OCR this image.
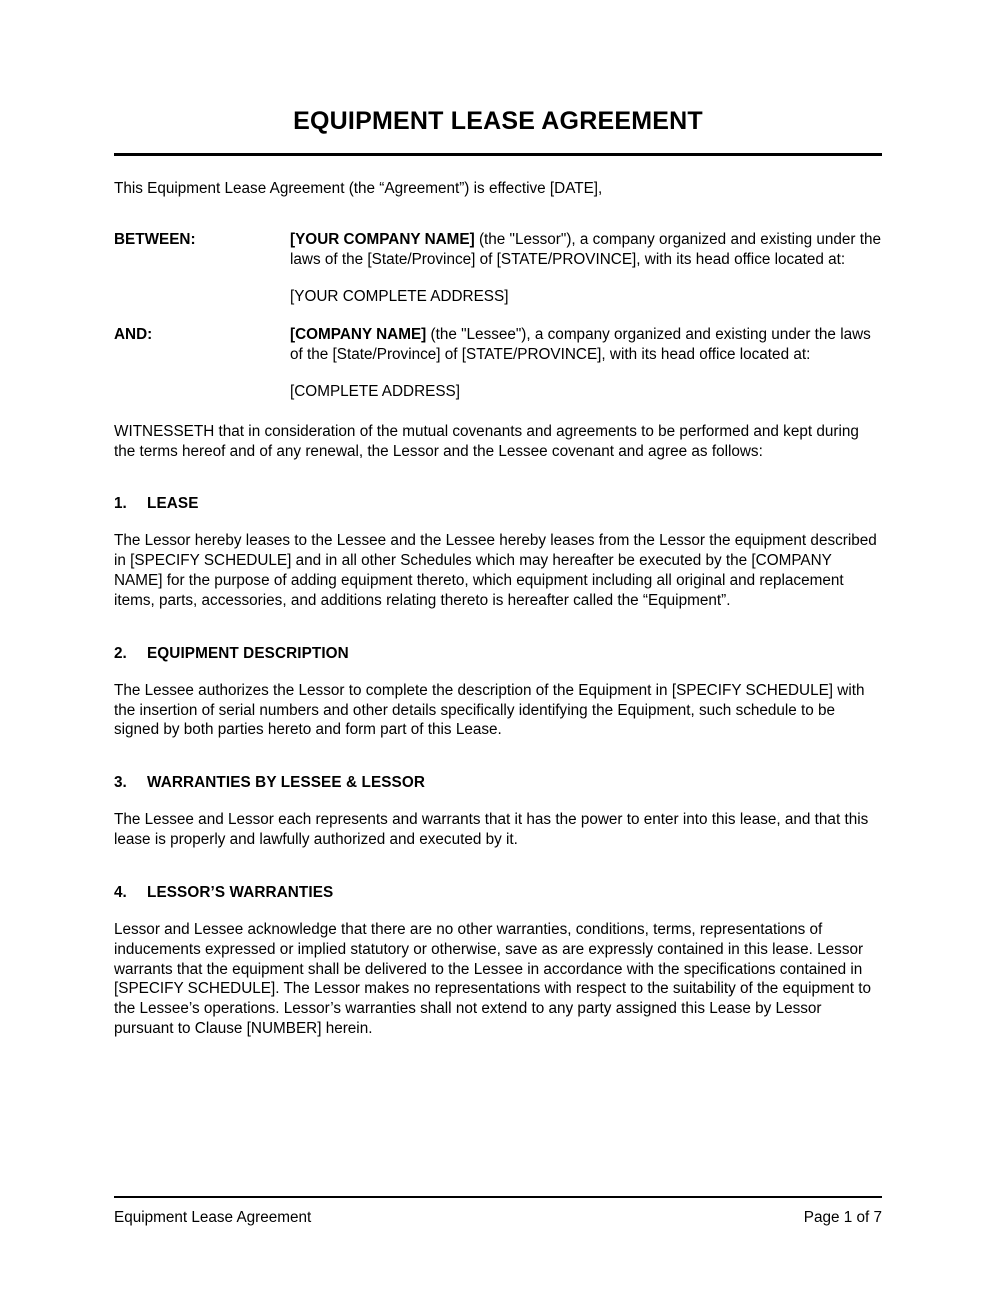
EQUIPMENT LEASE AGREEMENT

This Equipment Lease Agreement (the “Agreement”) is effective [DATE],

BETWEEN:	[YOUR COMPANY NAME] (the "Lessor"), a company organized and existing under the laws of the [State/Province] of [STATE/PROVINCE], with its head office located at:
[YOUR COMPLETE ADDRESS]
AND:	[COMPANY NAME] (the "Lessee"), a company organized and existing under the laws of the [State/Province] of [STATE/PROVINCE], with its head office located at:
[COMPLETE ADDRESS]

WITNESSETH that in consideration of the mutual covenants and agreements to be performed and kept during the terms hereof and of any renewal, the Lessor and the Lessee covenant and agree as follows:

1.	LEASE

The Lessor hereby leases to the Lessee and the Lessee hereby leases from the Lessor the equipment described in [SPECIFY SCHEDULE] and in all other Schedules which may hereafter be executed by the [COMPANY NAME] for the purpose of adding equipment thereto, which equipment including all original and replacement items, parts, accessories, and additions relating thereto is hereafter called the “Equipment”.

2.	EQUIPMENT DESCRIPTION

The Lessee authorizes the Lessor to complete the description of the Equipment in [SPECIFY SCHEDULE] with the insertion of serial numbers and other details specifically identifying the Equipment, such schedule to be signed by both parties hereto and form part of this Lease.

3.	WARRANTIES BY LESSEE & LESSOR

The Lessee and Lessor each represents and warrants that it has the power to enter into this lease, and that this lease is properly and lawfully authorized and executed by it.

4.	LESSOR’S WARRANTIES

Lessor and Lessee acknowledge that there are no other warranties, conditions, terms, representations of inducements expressed or implied statutory or otherwise, save as are expressly contained in this lease. Lessor warrants that the equipment shall be delivered to the Lessee in accordance with the specifications contained in [SPECIFY SCHEDULE]. The Lessor makes no representations with respect to the suitability of the equipment to the Lessee’s operations. Lessor’s warranties shall not extend to any party assigned this Lease by Lessor pursuant to Clause [NUMBER] herein.

Equipment Lease Agreement	Page 1 of 7
